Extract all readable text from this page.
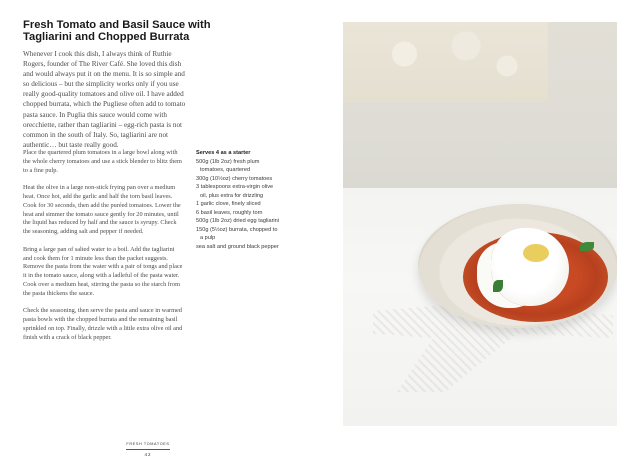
Fresh Tomato and Basil Sauce with Tagliarini and Chopped Burrata

Whenever I cook this dish, I always think of Ruthie Rogers, founder of The River Café. She loved this dish and would always put it on the menu. It is so simple and so delicious – but the simplicity works only if you use really good-quality tomatoes and olive oil. I have added chopped burrata, which the Pugliese often add to tomato pasta sauce. In Puglia this sauce would come with orecchiette, rather than tagliarini – egg-rich pasta is not common in the south of Italy. So, tagliarini are not authentic… but taste really good.

Place the quartered plum tomatoes in a large bowl along with the whole cherry tomatoes and use a stick blender to blitz them to a fine pulp.

Heat the olive in a large non-stick frying pan over a medium heat. Once hot, add the garlic and half the torn basil leaves. Cook for 30 seconds, then add the puréed tomatoes. Lower the heat and simmer the tomato sauce gently for 20 minutes, until the liquid has reduced by half and the sauce is syrupy. Check the seasoning, adding salt and pepper if needed.

Bring a large pan of salted water to a boil. Add the tagliarini and cook them for 1 minute less than the packet suggests. Remove the pasta from the water with a pair of tongs and place it in the tomato sauce, along with a ladleful of the pasta water. Cook over a medium heat, stirring the pasta so the starch from the pasta thickens the sauce.

Check the seasoning, then serve the pasta and sauce in warmed pasta bowls with the chopped burrata and the remaining basil sprinkled on top. Finally, drizzle with a little extra olive oil and finish with a crack of black pepper.

Serves 4 as a starter
500g (1lb 2oz) fresh plum tomatoes, quartered
300g (10½oz) cherry tomatoes
3 tablespoons extra-virgin olive oil, plus extra for drizzling
1 garlic clove, finely sliced
6 basil leaves, roughly torn
500g (1lb 2oz) dried egg tagliarini
150g (5½oz) burrata, chopped to a pulp
sea salt and ground black pepper
FRESH TOMATOES
42
